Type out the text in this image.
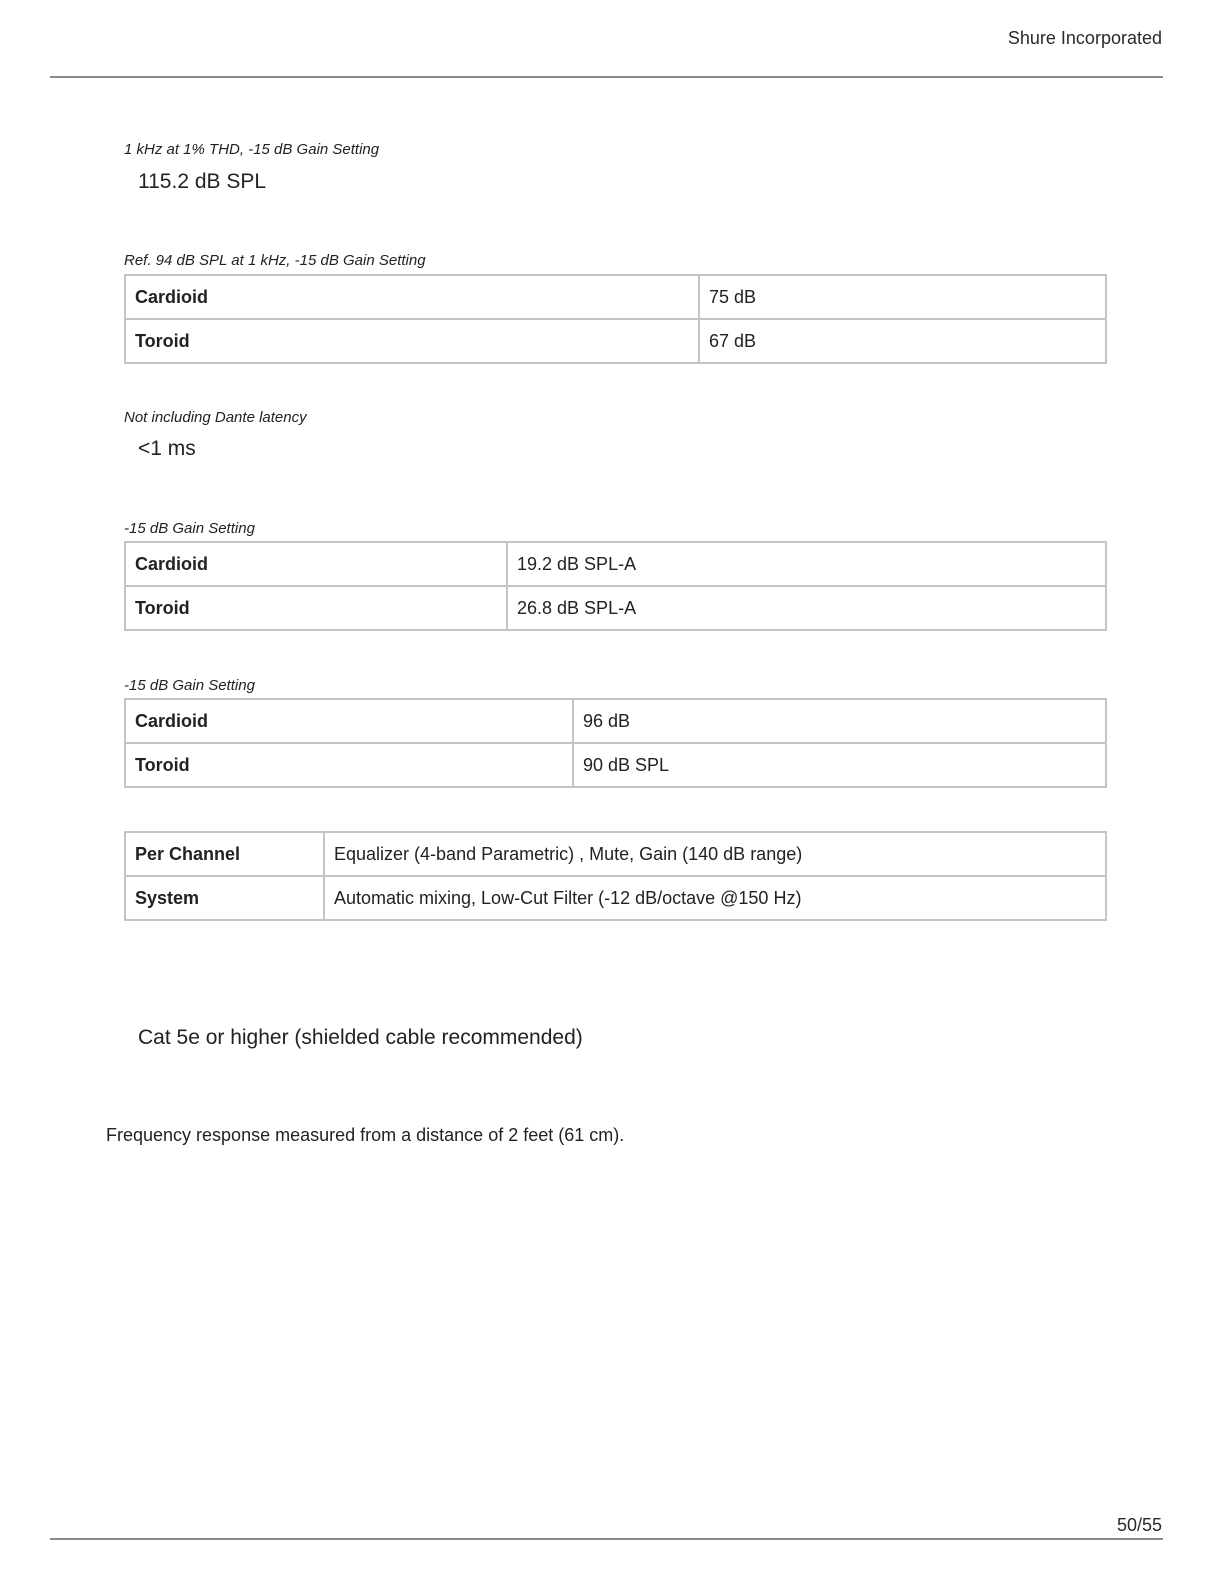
Shure Incorporated
1 kHz at 1% THD, -15 dB Gain Setting
115.2 dB SPL
Ref. 94 dB SPL at 1 kHz, -15 dB Gain Setting
Cardioid	75 dB
Toroid	67 dB
Not including Dante latency
<1 ms
-15 dB Gain Setting
Cardioid	19.2 dB SPL-A
Toroid	26.8 dB SPL-A
-15 dB Gain Setting
Cardioid	96 dB
Toroid	90 dB SPL
Per Channel	Equalizer (4-band Parametric) , Mute, Gain (140 dB range)
System	Automatic mixing, Low-Cut Filter (-12 dB/octave @150 Hz)
Cat 5e or higher (shielded cable recommended)
Frequency response measured from a distance of 2 feet (61 cm).
50/55
